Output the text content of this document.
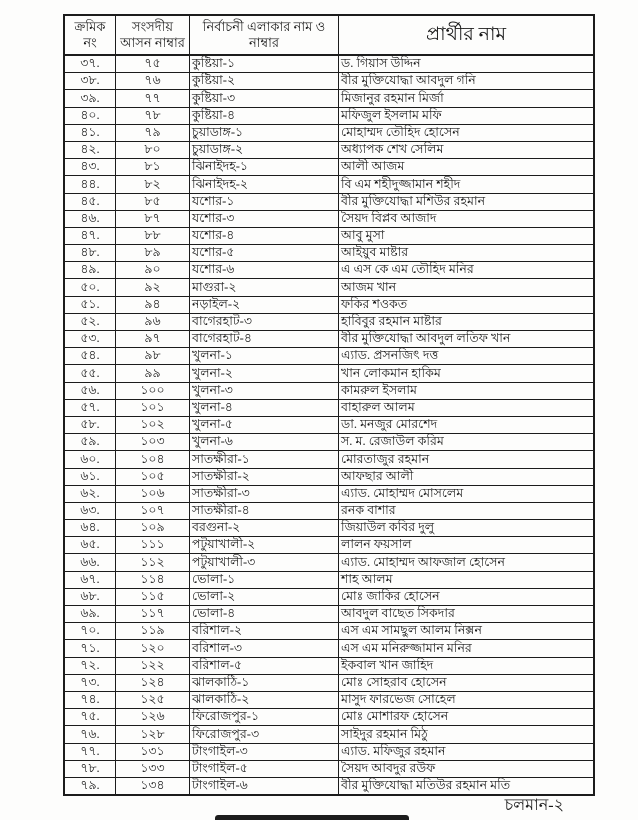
ক্রমিক নং	সংসদীয় আসন নাম্বার	নির্বাচনী এলাকার নাম ও নাম্বার	প্রার্থীর নাম
৩৭.	৭৫	কুষ্টিয়া-১	ড. গিয়াস উদ্দিন
৩৮.	৭৬	কুষ্টিয়া-২	বীর মুক্তিযোদ্ধা আবদুল গনি
৩৯.	৭৭	কুষ্টিয়া-৩	মিজানুর রহমান মির্জা
৪০.	৭৮	কুষ্টিয়া-৪	মফিজুল ইসলাম মফি
৪১.	৭৯	চুয়াডাঙ্গ-১	মোহাম্মদ তৌহিদ হোসেন
৪২.	৮০	চুয়াডাঙ্গ-২	অধ্যাপক শেখ সেলিম
৪৩.	৮১	ঝিনাইদহ-১	আলী আজম
৪৪.	৮২	ঝিনাইদহ-২	বি এম শহীদুজ্জামান শহীদ
৪৫.	৮৫	যশোর-১	বীর মুক্তিযোদ্ধা মশিউর রহমান
৪৬.	৮৭	যশোর-৩	সৈয়দ বিপ্লব আজাদ
৪৭.	৮৮	যশোর-৪	আবু মুসা
৪৮.	৮৯	যশোর-৫	আইয়ুব মাষ্টার
৪৯.	৯০	যশোর-৬	এ এস কে এম তৌহিদ মনির
৫০.	৯২	মাগুরা-২	আজম খান
৫১.	৯৪	নড়াইল-২	ফকির শওকত
৫২.	৯৬	বাগেরহাট-৩	হাবিবুর রহমান মাষ্টার
৫৩.	৯৭	বাগেরহাট-৪	বীর মুক্তিযোদ্ধা আবদুল লতিফ খান
৫৪.	৯৮	খুলনা-১	এ্যাড. প্রসনজিৎ দত্ত
৫৫.	৯৯	খুলনা-২	খান লোকমান হাকিম
৫৬.	১০০	খুলনা-৩	কামরুল ইসলাম
৫৭.	১০১	খুলনা-৪	বাহারুল আলম
৫৮.	১০২	খুলনা-৫	ডা. মনজুর মোরশেদ
৫৯.	১০৩	খুলনা-৬	স. ম. রেজাউল করিম
৬০.	১০৪	সাতক্ষীরা-১	মোরতাজুর রহমান
৬১.	১০৫	সাতক্ষীরা-২	আফছার আলী
৬২.	১০৬	সাতক্ষীরা-৩	এ্যাড. মোহাম্মদ মোসলেম
৬৩.	১০৭	সাতক্ষীরা-৪	রনক বাশার
৬৪.	১০৯	বরগুনা-২	জিয়াউল কবির দুলু
৬৫.	১১১	পটুয়াখালী-২	লালন ফয়সাল
৬৬.	১১২	পটুয়াখালী-৩	এ্যাড. মোহাম্মদ আফজাল হোসেন
৬৭.	১১৪	ভোলা-১	শাহ আলম
৬৮.	১১৫	ভোলা-২	মোঃ জাকির হোসেন
৬৯.	১১৭	ভোলা-৪	আবদুল বাছেত সিকদার
৭০.	১১৯	বরিশাল-২	এস এম সামছুল আলম নিক্সন
৭১.	১২০	বরিশাল-৩	এস এম মনিরুজ্জামান মনির
৭২.	১২২	বরিশাল-৫	ইকবাল খান জাহিদ
৭৩.	১২৪	ঝালকাঠি-১	মোঃ সোহরাব হোসেন
৭৪.	১২৫	ঝালকাঠি-২	মাসুদ ফারভেজ সোহেল
৭৫.	১২৬	ফিরোজপুর-১	মোঃ মোশারফ হোসেন
৭৬.	১২৮	ফিরোজপুর-৩	সাইদুর রহমান মিঠু
৭৭.	১৩১	টাংগাইল-৩	এ্যাড. মফিজুর রহমান
৭৮.	১৩৩	টাংগাইল-৫	সৈয়দ আবদুর রউফ
৭৯.	১৩৪	টাংগাইল-৬	বীর মুক্তিযোদ্ধা মতিউর রহমান মতি
চলমান-২
